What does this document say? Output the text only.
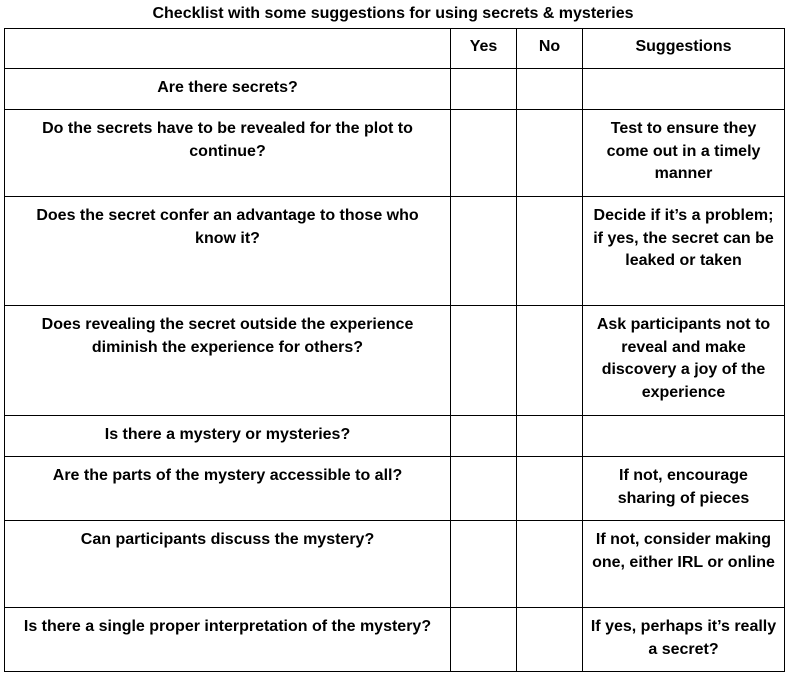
Checklist with some suggestions for using secrets & mysteries
	Yes	No	Suggestions
Are there secrets?			
Do the secrets have to be revealed for the plot to continue?			Test to ensure they come out in a timely manner
Does the secret confer an advantage to those who know it?			Decide if it’s a problem; if yes, the secret can be leaked or taken
Does revealing the secret outside the experience diminish the experience for others?			Ask participants not to reveal and make discovery a joy of the experience
Is there a mystery or mysteries?			
Are the parts of the mystery accessible to all?			If not, encourage sharing of pieces
Can participants discuss the mystery?			If not, consider making one, either IRL or online
Is there a single proper interpretation of the mystery?			If yes, perhaps it’s really a secret?
